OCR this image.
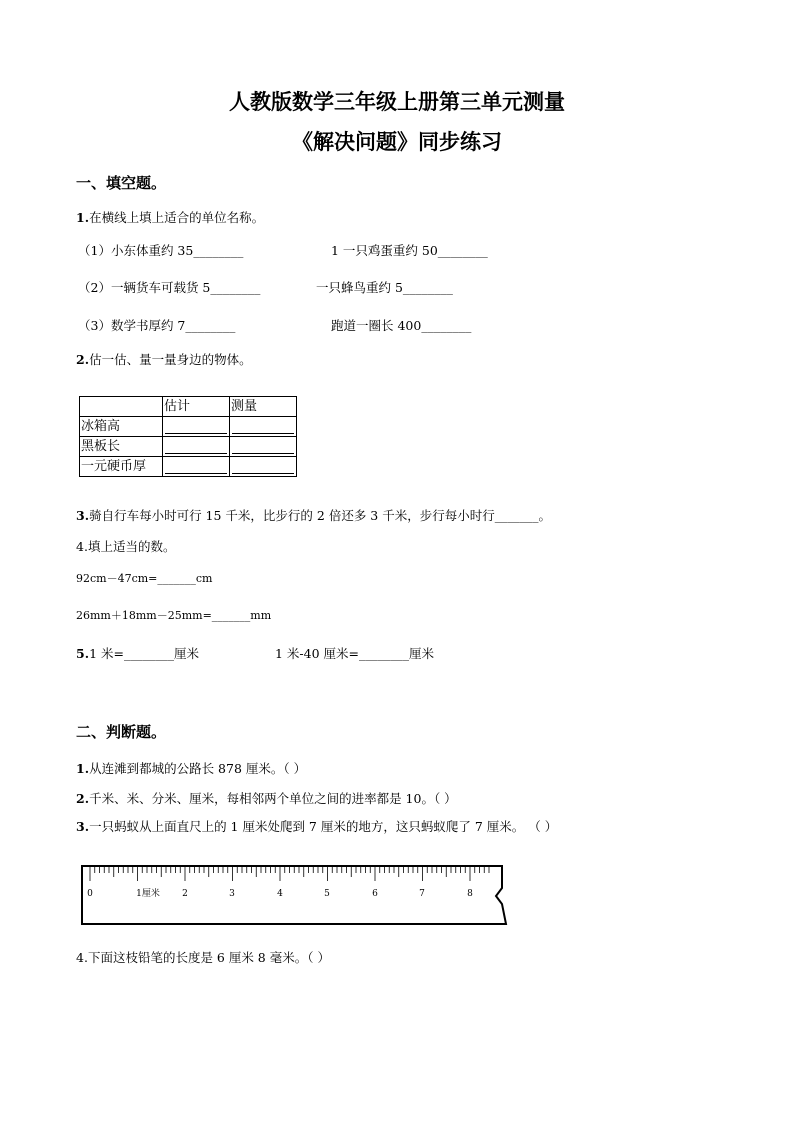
人教版数学三年级上册第三单元测量
《解决问题》同步练习
一、填空题。
1.在横线上填上适合的单位名称。
（1）小东体重约 35________	1 一只鸡蛋重约 50________
（2）一辆货车可载货 5________	一只蜂鸟重约 5________
（3）数学书厚约 7________	跑道一圈长 400________
2.估一估、量一量身边的物体。
	估计	测量
冰箱高	

黑板长	

一元硬币厚	

3.骑自行车每小时可行 15 千米，比步行的 2 倍还多 3 千米，步行每小时行_______。
4.填上适当的数。
92cm－47cm=_______cm
26mm＋18mm－25mm=_______mm
5.1 米=________厘米	1 米-40 厘米=________厘米
二、判断题。
1.从连滩到都城的公路长 878 厘米。（ ）
2.千米、米、分米、厘米，每相邻两个单位之间的进率都是 10。（ ）
3.一只蚂蚁从上面直尺上的 1 厘米处爬到 7 厘米的地方，这只蚂蚁爬了 7 厘米。 （ ）
0	1厘米 2	3	4	5	6	7	8
4.下面这枝铅笔的长度是 6 厘米 8 毫米。（ ）
